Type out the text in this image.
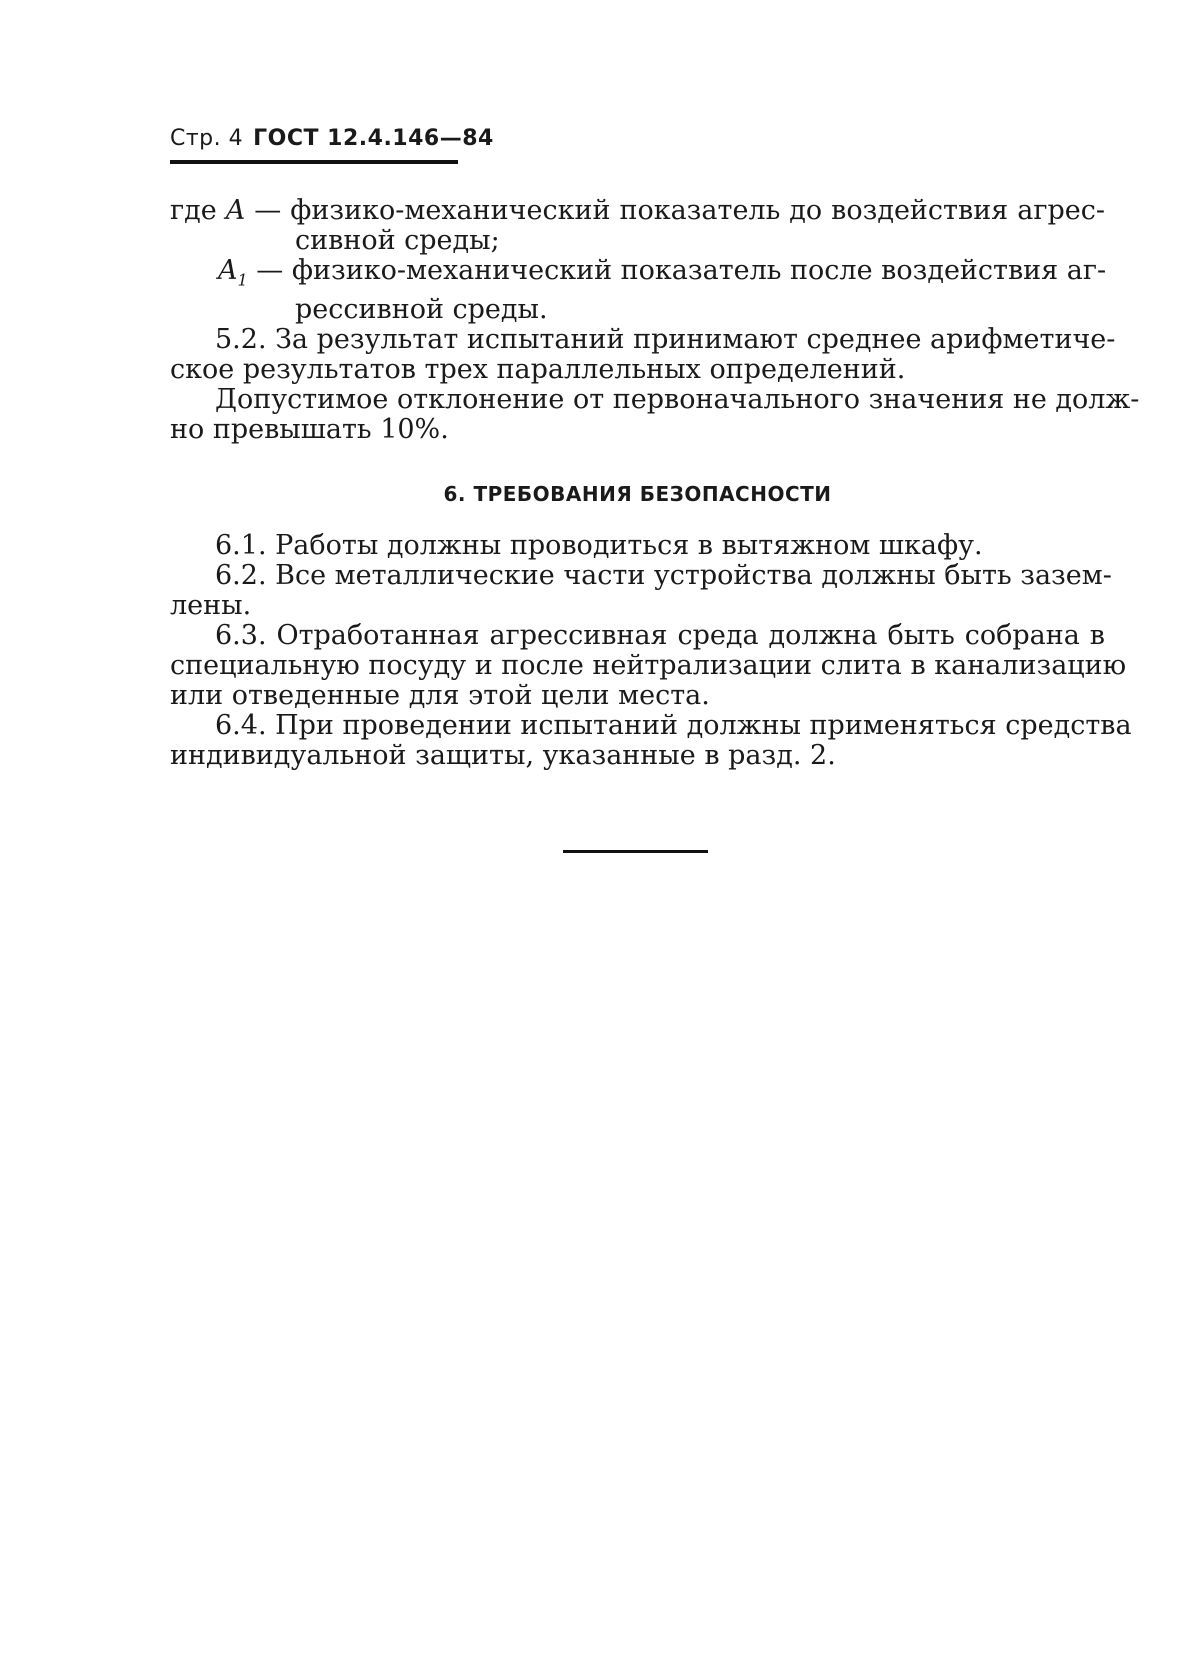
Стр. 4 ГОСТ 12.4.146—84
где A — физико-механический показатель до воздействия агрес-
сивной среды;
$A_1$ — физико-механический показатель после воздействия аг-
рессивной среды.
5.2. За результат испытаний принимают среднее арифметиче-
ское результатов трех параллельных определений.
Допустимое отклонение от первоначального значения не долж-
но превышать 10%.
6. ТРЕБОВАНИЯ БЕЗОПАСНОСТИ
6.1. Работы должны проводиться в вытяжном шкафу.
6.2. Все металлические части устройства должны быть зазем-
лены.
6.3. Отработанная агрессивная среда должна быть собрана в
специальную посуду и после нейтрализации слита в канализацию
или отведенные для этой цели места.
6.4. При проведении испытаний должны применяться средства
индивидуальной защиты, указанные в разд. 2.
